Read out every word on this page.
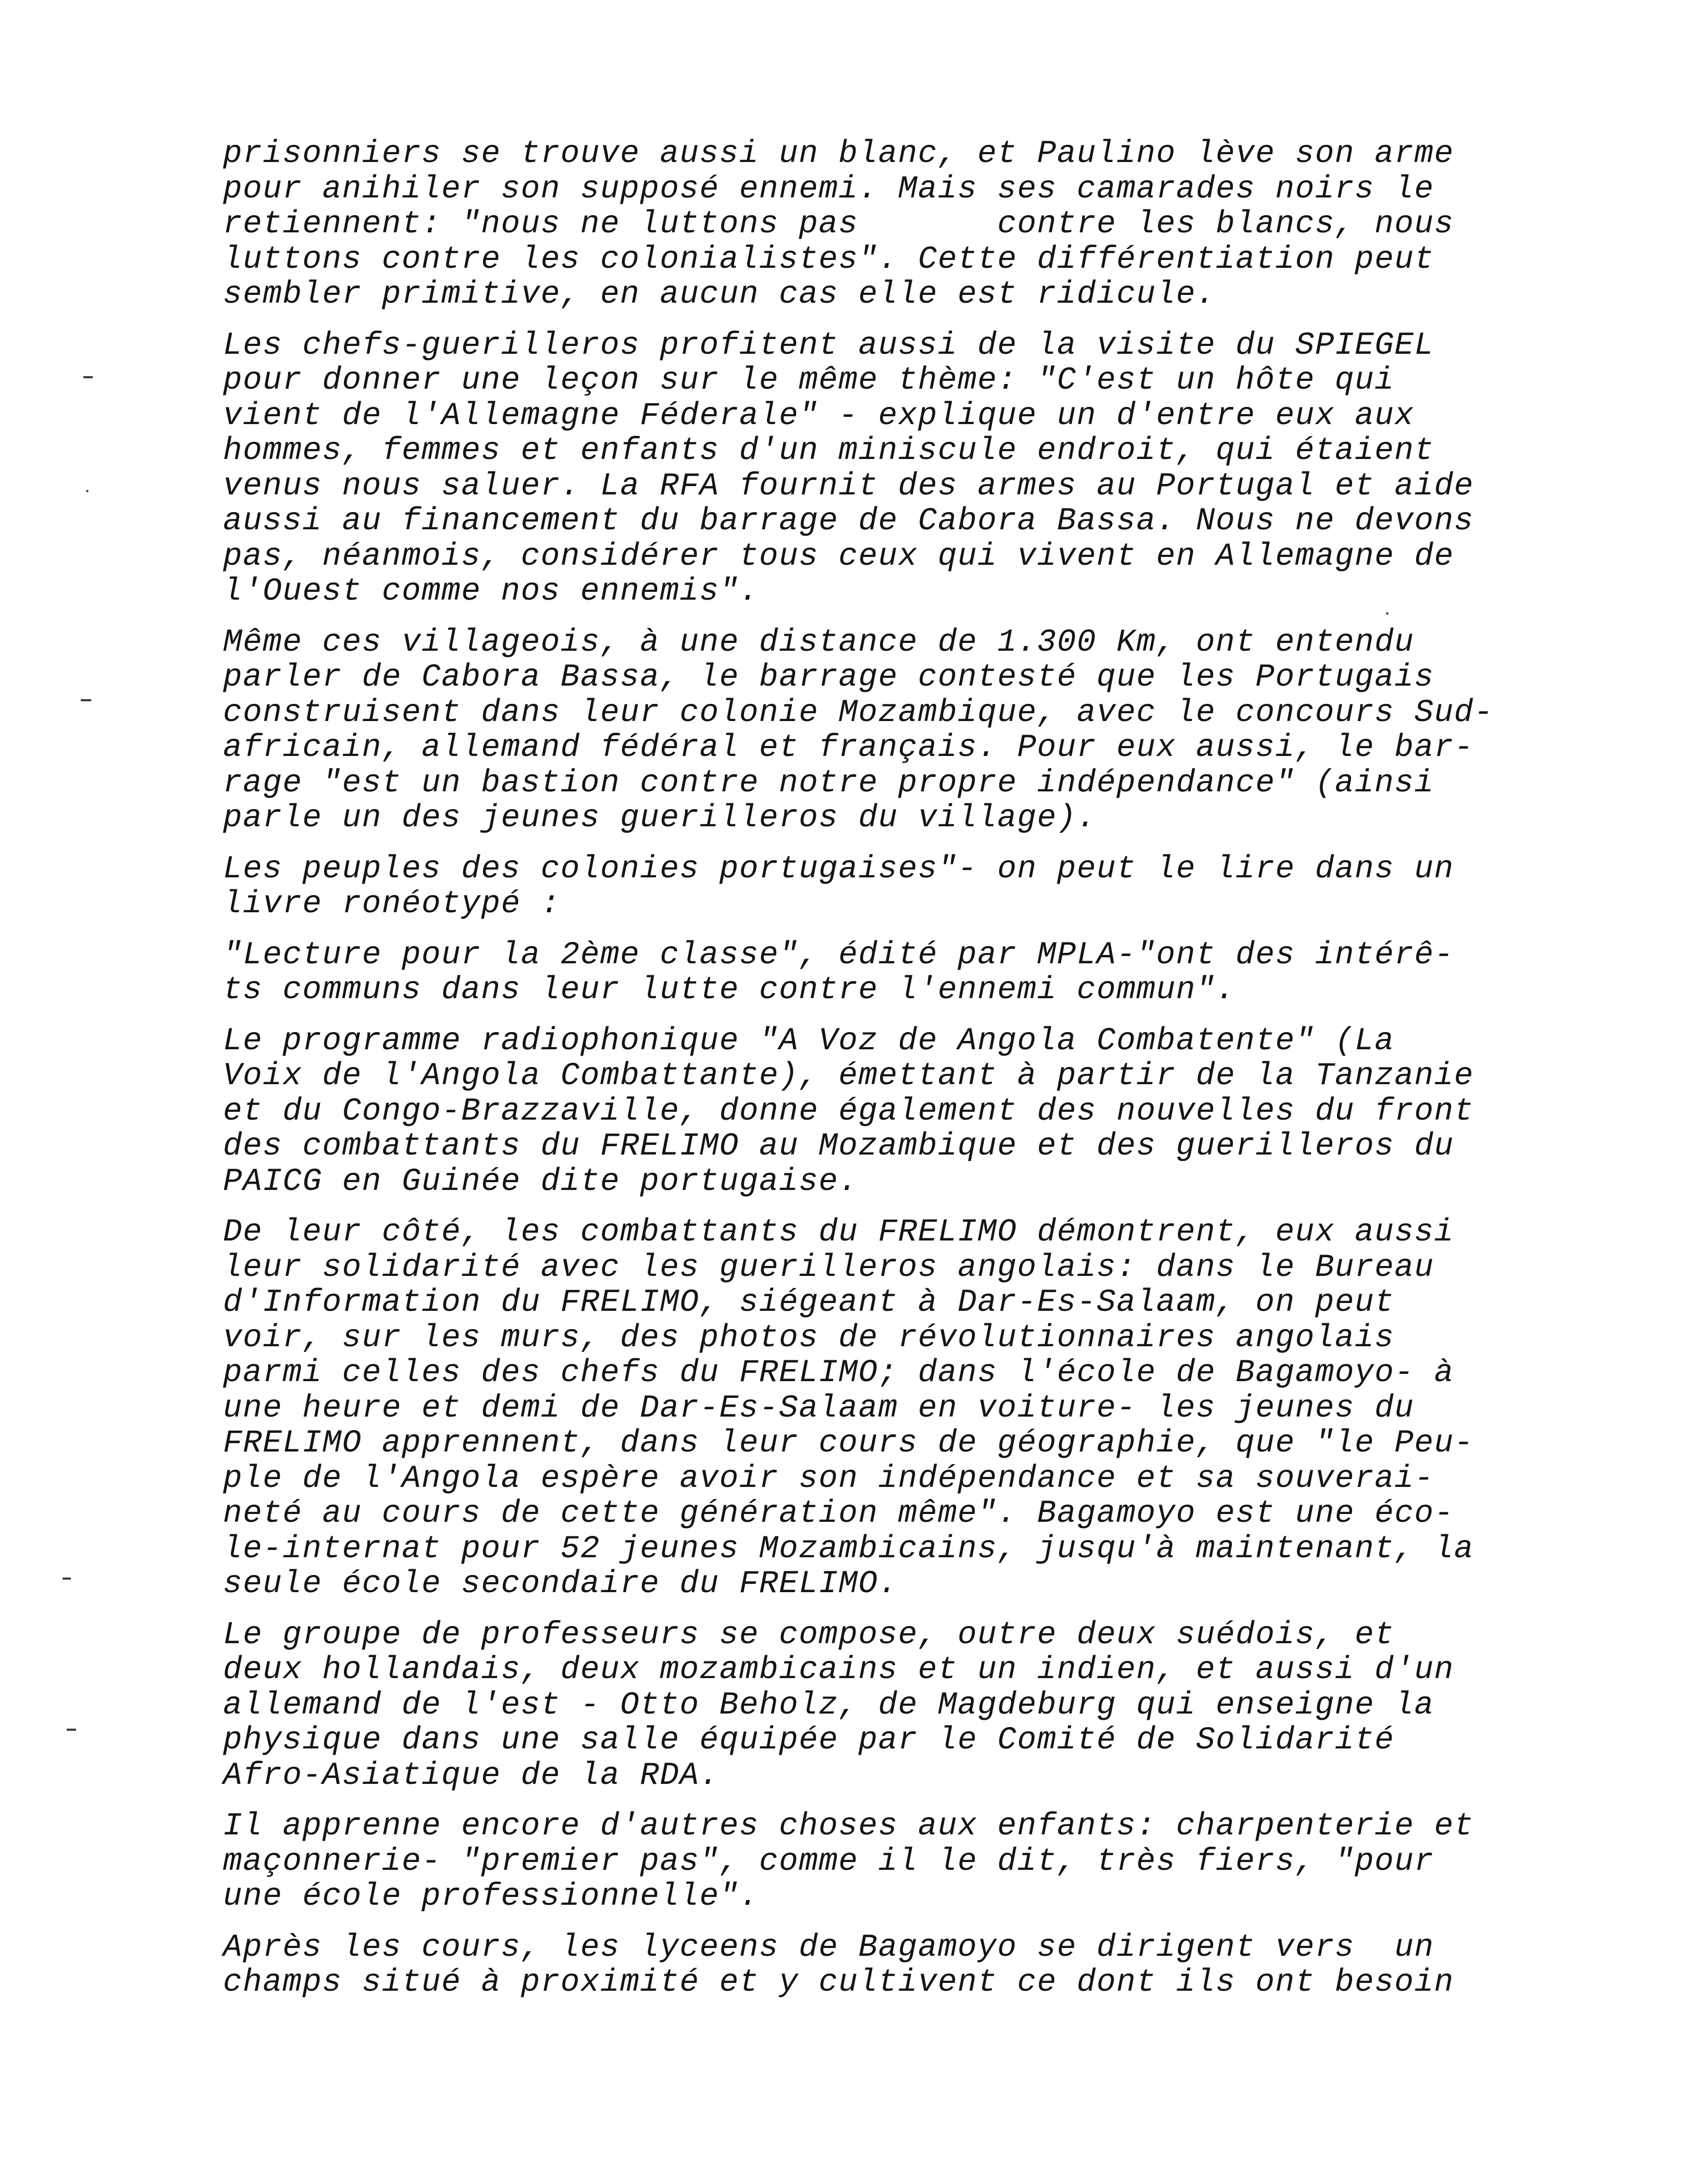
prisonniers se trouve aussi un blanc, et Paulino lève son arme
pour anihiler son supposé ennemi. Mais ses camarades noirs le
retiennent: "nous ne luttons pas       contre les blancs, nous
luttons contre les colonialistes". Cette différentiation peut
sembler primitive, en aucun cas elle est ridicule.
Les chefs-guerilleros profitent aussi de la visite du SPIEGEL
pour donner une leçon sur le même thème: "C'est un hôte qui
vient de l'Allemagne Féderale" - explique un d'entre eux aux
hommes, femmes et enfants d'un miniscule endroit, qui étaient
venus nous saluer. La RFA fournit des armes au Portugal et aide
aussi au financement du barrage de Cabora Bassa. Nous ne devons
pas, néanmois, considérer tous ceux qui vivent en Allemagne de
l'Ouest comme nos ennemis".
Même ces villageois, à une distance de 1.300 Km, ont entendu
parler de Cabora Bassa, le barrage contesté que les Portugais
construisent dans leur colonie Mozambique, avec le concours Sud-
africain, allemand fédéral et français. Pour eux aussi, le bar-
rage "est un bastion contre notre propre indépendance" (ainsi
parle un des jeunes guerilleros du village).
Les peuples des colonies portugaises"- on peut le lire dans un
livre ronéotypé :
"Lecture pour la 2ème classe", édité par MPLA-"ont des intérê-
ts communs dans leur lutte contre l'ennemi commun".
Le programme radiophonique "A Voz de Angola Combatente" (La
Voix de l'Angola Combattante), émettant à partir de la Tanzanie
et du Congo-Brazzaville, donne également des nouvelles du front
des combattants du FRELIMO au Mozambique et des guerilleros du
PAICG en Guinée dite portugaise.
De leur côté, les combattants du FRELIMO démontrent, eux aussi
leur solidarité avec les guerilleros angolais: dans le Bureau
d'Information du FRELIMO, siégeant à Dar-Es-Salaam, on peut
voir, sur les murs, des photos de révolutionnaires angolais
parmi celles des chefs du FRELIMO; dans l'école de Bagamoyo- à
une heure et demi de Dar-Es-Salaam en voiture- les jeunes du
FRELIMO apprennent, dans leur cours de géographie, que "le Peu-
ple de l'Angola espère avoir son indépendance et sa souverai-
neté au cours de cette génération même". Bagamoyo est une éco-
le-internat pour 52 jeunes Mozambicains, jusqu'à maintenant, la
seule école secondaire du FRELIMO.
Le groupe de professeurs se compose, outre deux suédois, et
deux hollandais, deux mozambicains et un indien, et aussi d'un
allemand de l'est - Otto Beholz, de Magdeburg qui enseigne la
physique dans une salle équipée par le Comité de Solidarité
Afro-Asiatique de la RDA.
Il apprenne encore d'autres choses aux enfants: charpenterie et
maçonnerie- "premier pas", comme il le dit, très fiers, "pour
une école professionnelle".
Après les cours, les lyceens de Bagamoyo se dirigent vers  un
champs situé à proximité et y cultivent ce dont ils ont besoin
